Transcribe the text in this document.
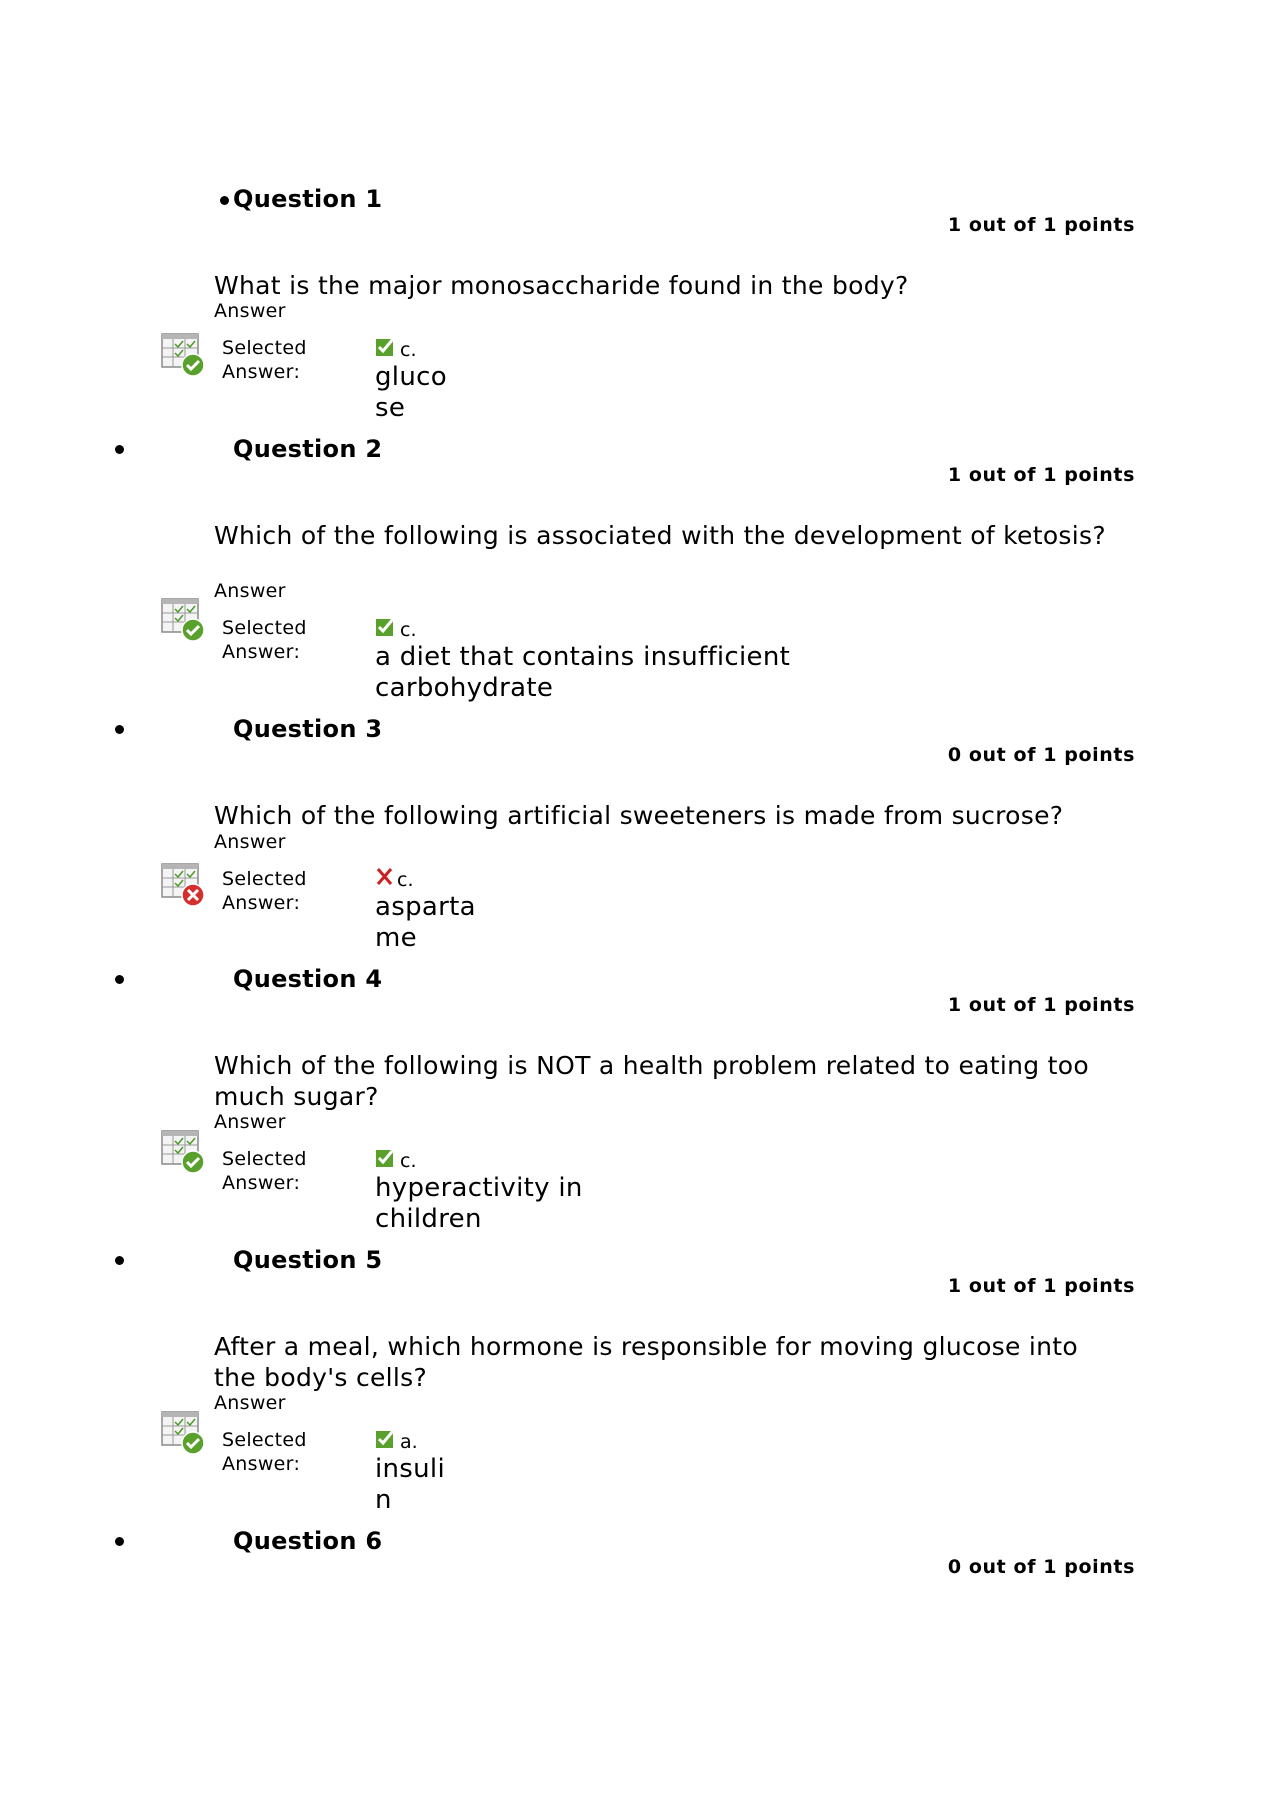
Question 1
1 out of 1 points
What is the major monosaccharide found in the body?
Answer
Selected
Answer:
c.
gluco
se
Question 2
1 out of 1 points
Which of the following is associated with the development of ketosis?
Answer
Selected
Answer:
c.
a diet that contains insufficient
carbohydrate
Question 3
0 out of 1 points
Which of the following artificial sweeteners is made from sucrose?
Answer
Selected
Answer:
c.
asparta
me
Question 4
1 out of 1 points
Which of the following is NOT a health problem related to eating too much sugar?
Answer
Selected
Answer:
c.
hyperactivity in
children
Question 5
1 out of 1 points
After a meal, which hormone is responsible for moving glucose into the body's cells?
Answer
Selected
Answer:
a.
insuli
n
Question 6
0 out of 1 points
